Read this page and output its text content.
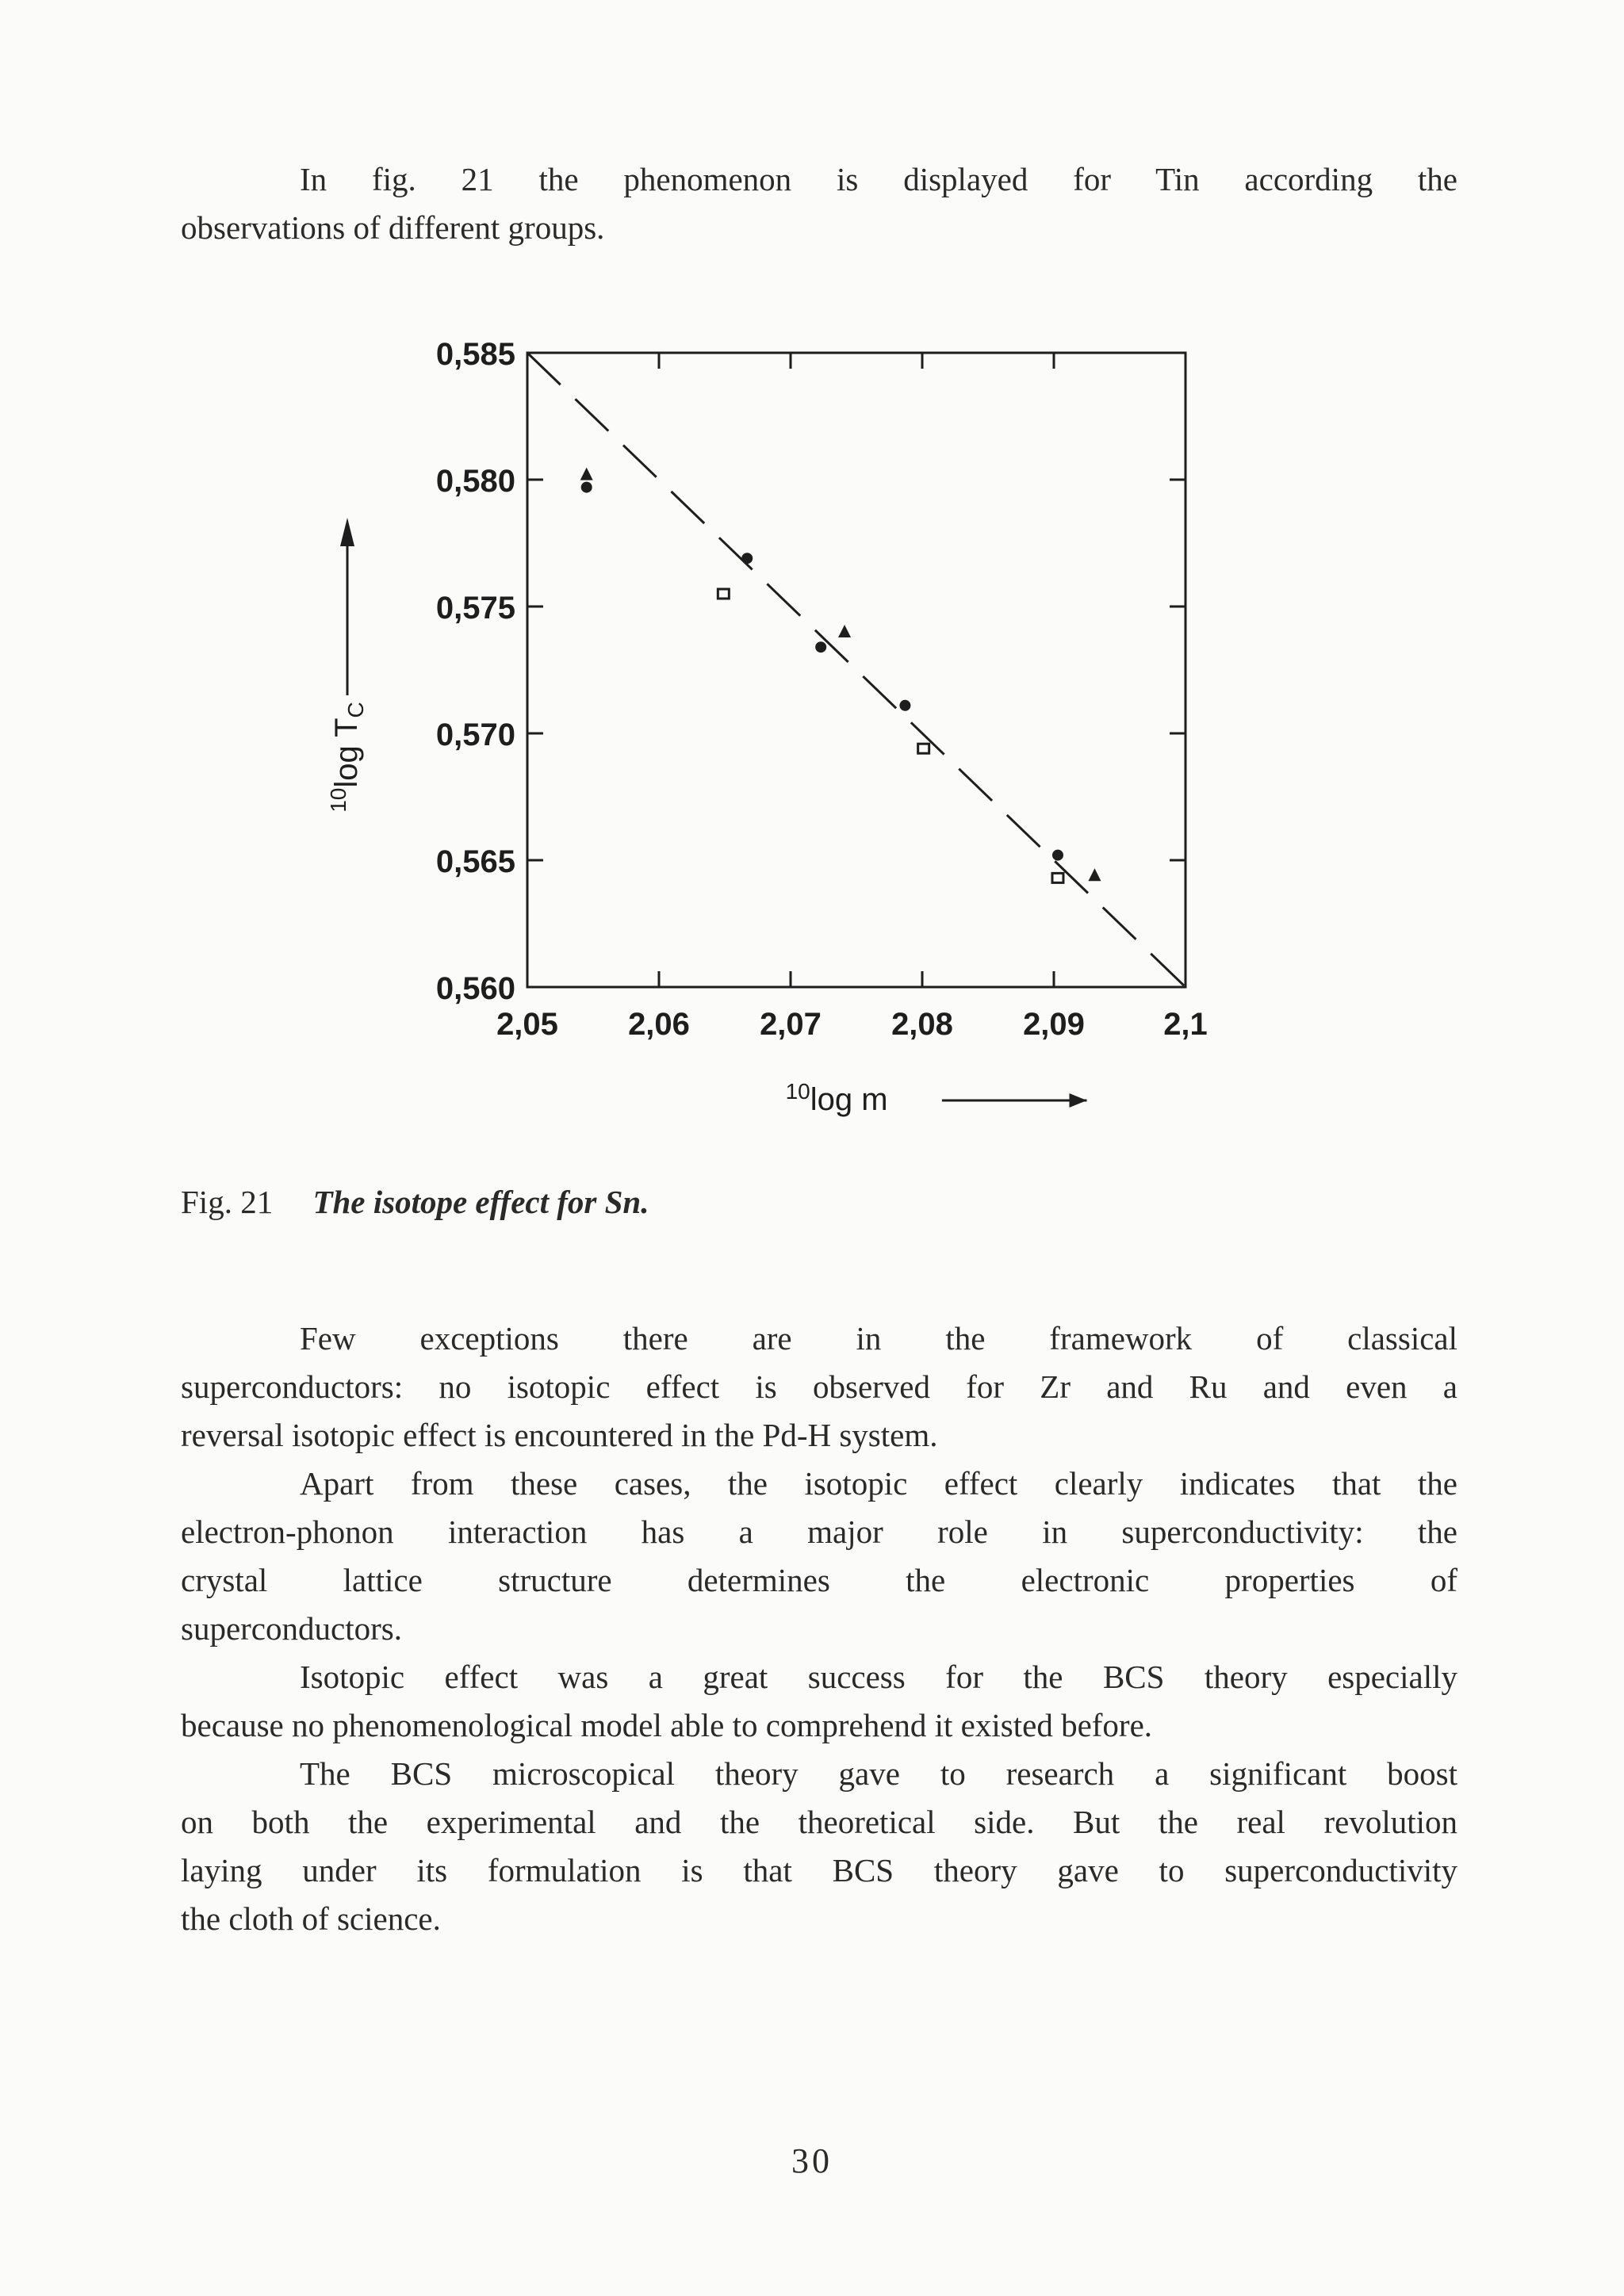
In fig. 21 the phenomenon is displayed for Tin according the
observations of different groups.
2,05 2,06 2,07 2,08 2,09 2,1
0,585
0,580
0,575
0,570
0,565
0,560
$^{10}$log m
$^{10}$log $T_C$

Fig. 21 The isotope effect for Sn.

Few exceptions there are in the framework of classical
superconductors: no isotopic effect is observed for Zr and Ru and even a
reversal isotopic effect is encountered in the Pd-H system.
Apart from these cases, the isotopic effect clearly indicates that the
electron-phonon interaction has a major role in superconductivity: the
crystal lattice structure determines the electronic properties of
superconductors.
Isotopic effect was a great success for the BCS theory especially
because no phenomenological model able to comprehend it existed before.
The BCS microscopical theory gave to research a significant boost
on both the experimental and the theoretical side. But the real revolution
laying under its formulation is that BCS theory gave to superconductivity
the cloth of science.
30
